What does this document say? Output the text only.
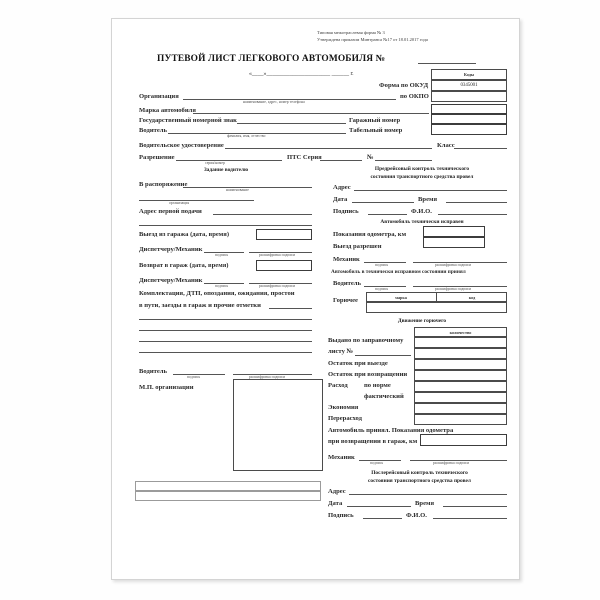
Типовая межотраслевая форма № 3
Утверждена приказом Минтранса №17 от 18.01.2017 года
ПУТЕВОЙ ЛИСТ ЛЕГКОВОГО АВТОМОБИЛЯ №
«____»______________________ ______ г.	Коды
0345001
Форма по ОКУД
по ОКПО
Организация
наименование, адрес, номер телефона
Марка автомобиля
Государственный номерной знак	Гаражный номер
Водитель
фамилия, имя, отчество
Табельный номер
Водительское удостоверение	Класс
Разрешение
серия/номер
ПТС Серия	№
Задание водителю
В распоряжение
наименование
организация
Адрес первой подачи
Выезд из гаража (дата, время)
Диспетчеру/Механик
подпись	расшифровка подписи
Возврат в гараж (дата, время)
Диспетчеру/Механик
подпись	расшифровка подписи
Комплектация, ДТП, опоздания, ожидания, простои
в пути, заезды в гараж и прочие отметки
Водитель
подпись	расшифровка подписи
М.П. организации
Предрейсовый контроль технического
состояния транспортного средства провел
Адрес
Дата	Время
Подпись	Ф.И.О.
Автомобиль технически исправен
Показания одометра, км
Выезд разрешен
Механик
подпись	расшифровка подписи
Автомобиль в технически исправном состоянии принял
Водитель
подпись	расшифровка подписи
Горючее	марка	код
Движение горючего
количество
Выдано по заправочному
листу №
Остаток при выезде
Остаток при возвращении
Расход по норме
фактический
Экономия
Перерасход
Автомобиль принял. Показания одометра
при возвращении в гараж, км
Механик
подпись	расшифровка подписи
Послерейсовый контроль технического
состояния транспортного средства провел
Адрес
Дата	Время
Подпись	Ф.И.О.
